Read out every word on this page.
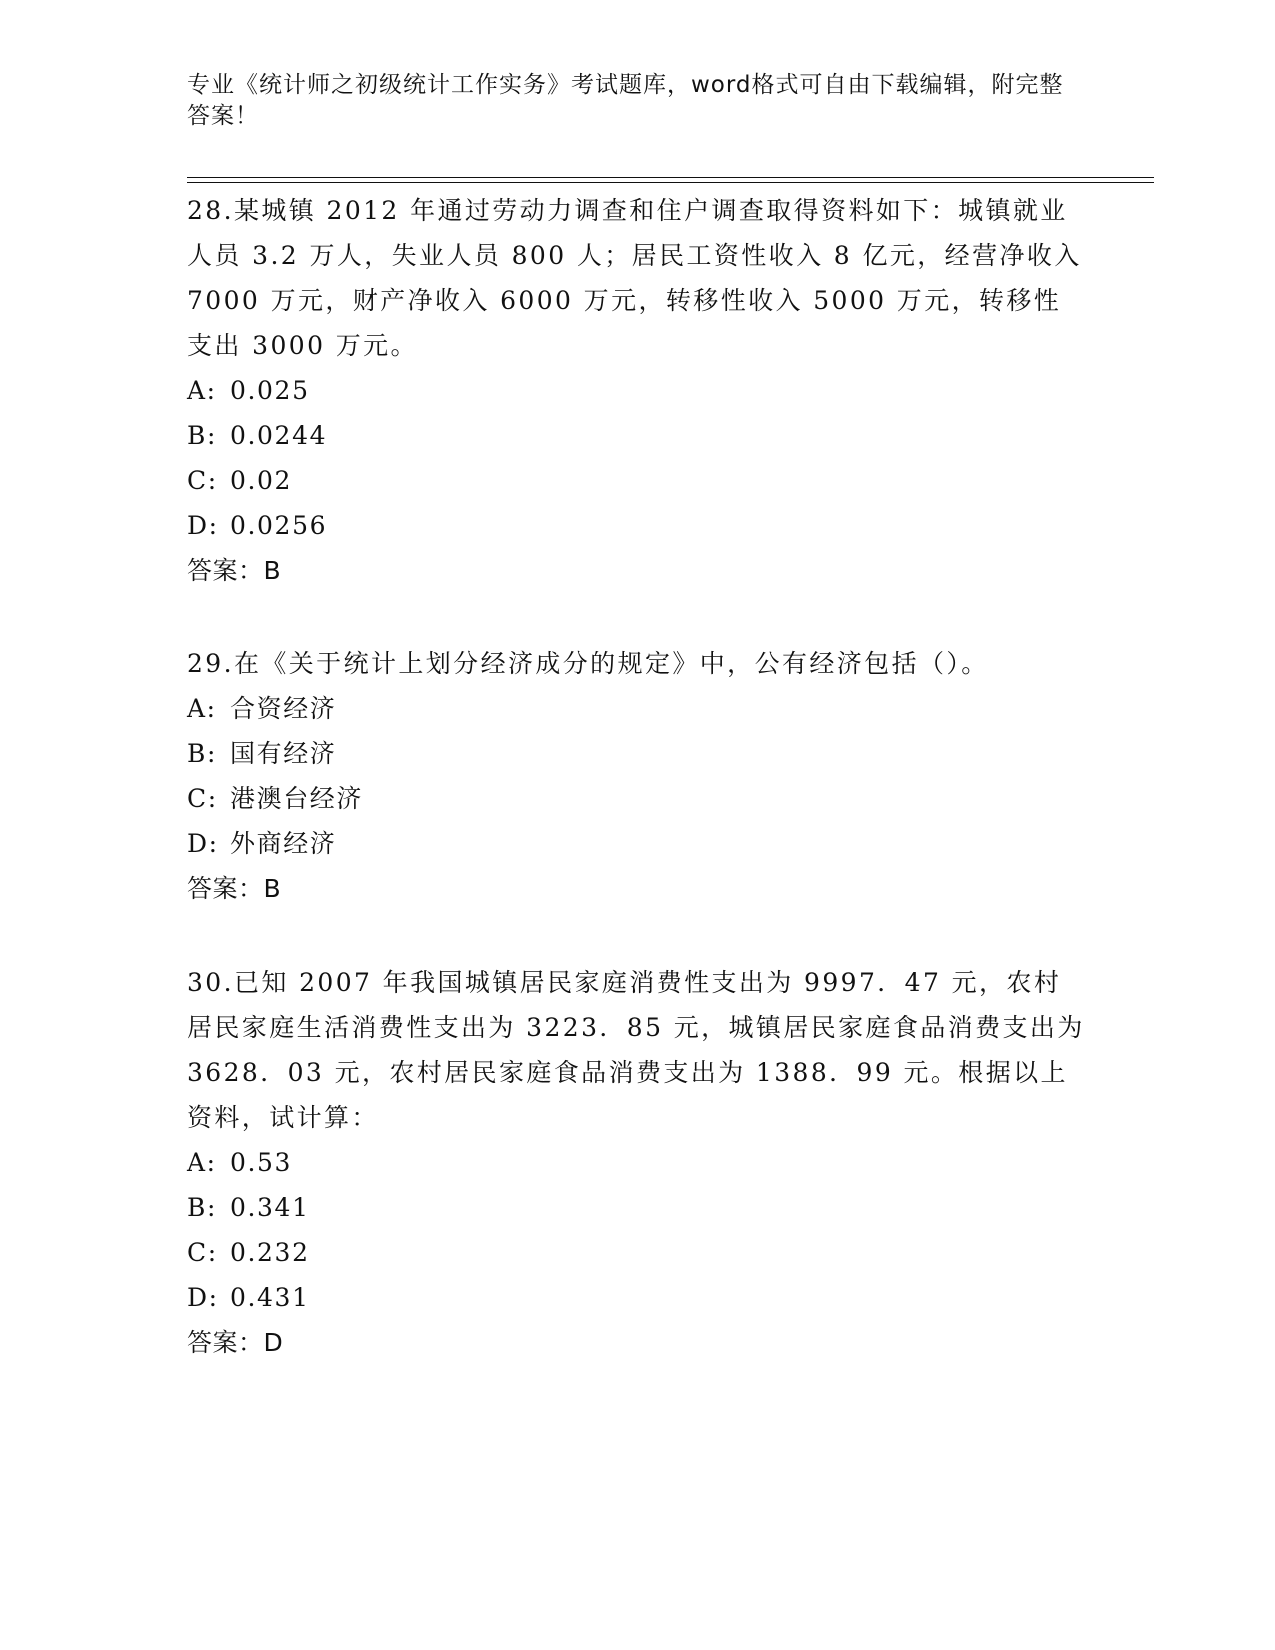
专业《统计师之初级统计工作实务》考试题库，word格式可自由下载编辑，附完整答案！

28.某城镇 2012 年通过劳动力调查和住户调查取得资料如下：城镇就业人员 3.2 万人，失业人员 800 人；居民工资性收入 8 亿元，经营净收入 7000 万元，财产净收入 6000 万元，转移性收入 5000 万元，转移性支出 3000 万元。

A: 0.025
B: 0.0244
C: 0.02
D: 0.0256
答案：B

29.在《关于统计上划分经济成分的规定》中，公有经济包括（）。

A: 合资经济
B: 国有经济
C: 港澳台经济
D: 外商经济
答案：B

30.已知 2007 年我国城镇居民家庭消费性支出为 9997．47 元，农村居民家庭生活消费性支出为 3223．85 元，城镇居民家庭食品消费支出为 3628．03 元，农村居民家庭食品消费支出为 1388．99 元。根据以上资料，试计算：

A: 0.53
B: 0.341
C: 0.232
D: 0.431
答案：D
